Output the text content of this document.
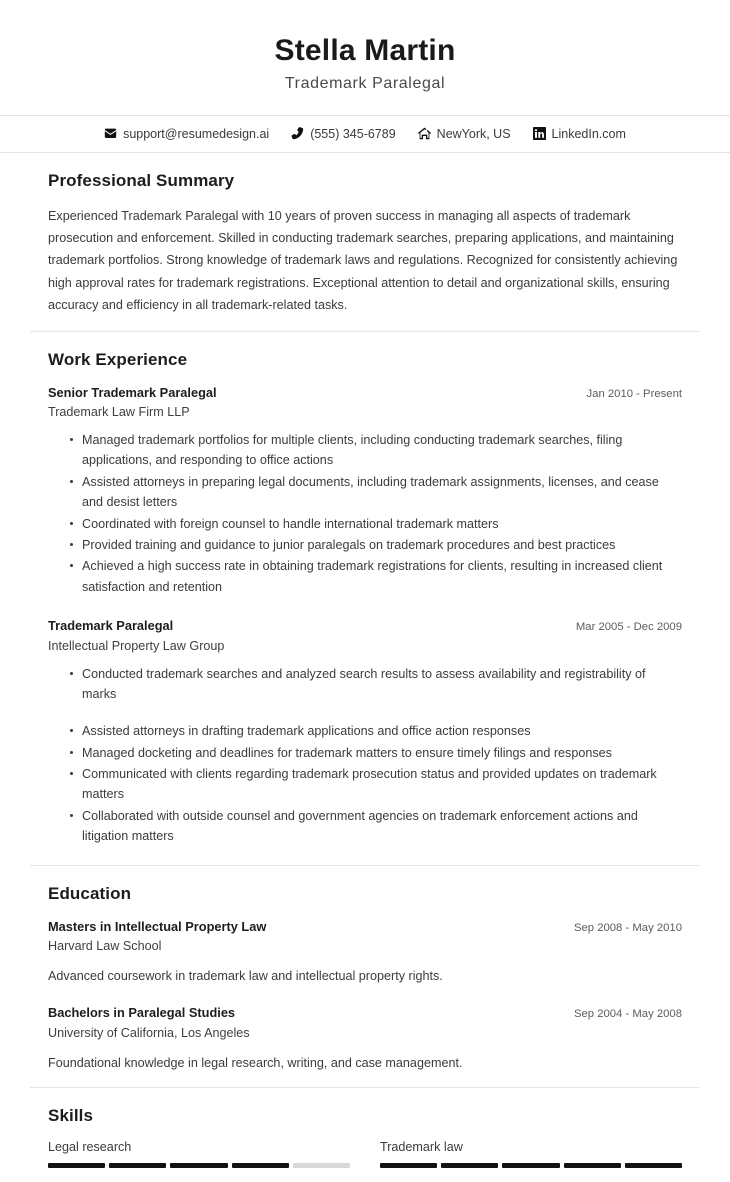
Stella Martin
Trademark Paralegal
support@resumedesign.ai	(555) 345-6789	NewYork, US	LinkedIn.com
Professional Summary

Experienced Trademark Paralegal with 10 years of proven success in managing all aspects of trademark prosecution and enforcement. Skilled in conducting trademark searches, preparing applications, and maintaining trademark portfolios. Strong knowledge of trademark laws and regulations. Recognized for consistently achieving high approval rates for trademark registrations. Exceptional attention to detail and organizational skills, ensuring accuracy and efficiency in all trademark-related tasks.

Work Experience
Senior Trademark Paralegal	Jan 2010 - Present
Trademark Law Firm LLP
Managed trademark portfolios for multiple clients, including conducting trademark searches, filing applications, and responding to office actions
Assisted attorneys in preparing legal documents, including trademark assignments, licenses, and cease and desist letters
Coordinated with foreign counsel to handle international trademark matters
Provided training and guidance to junior paralegals on trademark procedures and best practices
Achieved a high success rate in obtaining trademark registrations for clients, resulting in increased client satisfaction and retention
Trademark Paralegal	Mar 2005 - Dec 2009
Intellectual Property Law Group
Conducted trademark searches and analyzed search results to assess availability and registrability of marks
Assisted attorneys in drafting trademark applications and office action responses
Managed docketing and deadlines for trademark matters to ensure timely filings and responses
Communicated with clients regarding trademark prosecution status and provided updates on trademark matters
Collaborated with outside counsel and government agencies on trademark enforcement actions and litigation matters
Education
Masters in Intellectual Property Law	Sep 2008 - May 2010
Harvard Law School
Advanced coursework in trademark law and intellectual property rights.
Bachelors in Paralegal Studies	Sep 2004 - May 2008
University of California, Los Angeles
Foundational knowledge in legal research, writing, and case management.
Skills
Legal research	Trademark law
